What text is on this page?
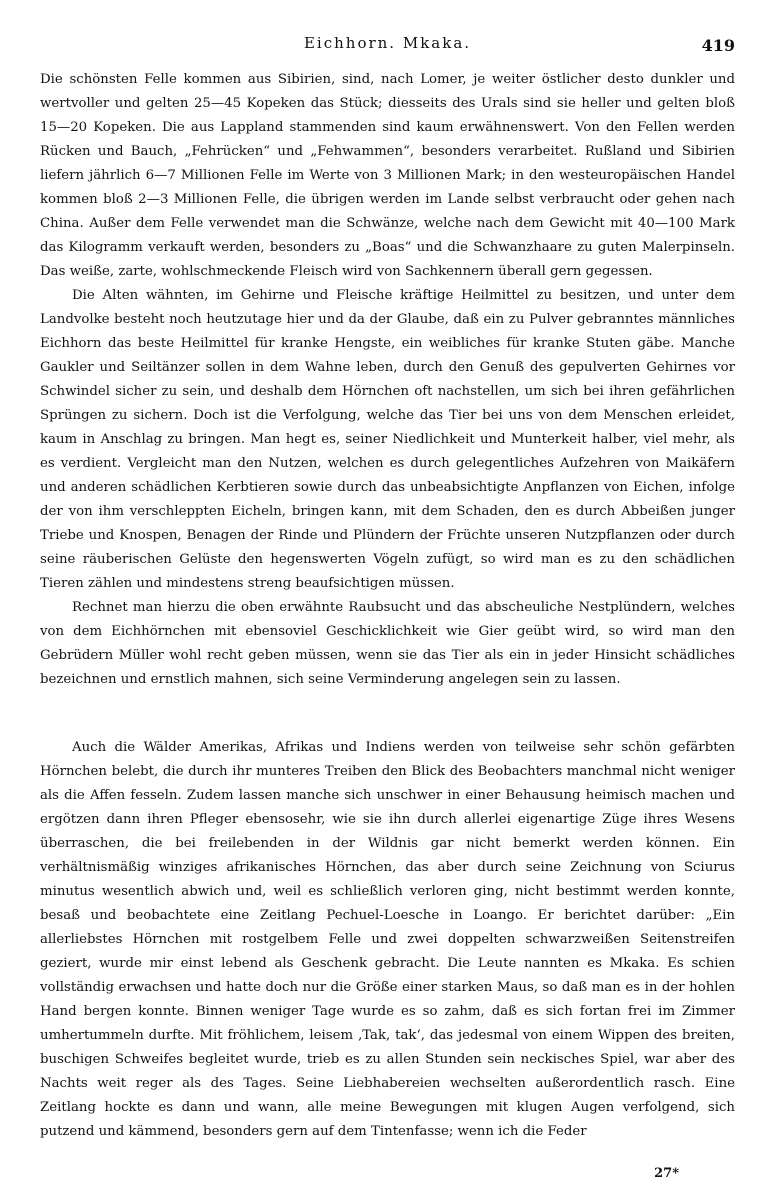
Eichhorn. Mkaka.	419

Die schönsten Felle kommen aus Sibirien, sind, nach Lomer, je weiter östlicher desto dunkler und wertvoller und gelten 25—45 Kopeken das Stück; diesseits des Urals sind sie heller und gelten bloß 15—20 Kopeken. Die aus Lappland stammenden sind kaum erwähnenswert. Von den Fellen werden Rücken und Bauch, „Fehrücken“ und „Fehwammen“, besonders verarbeitet. Rußland und Sibirien liefern jährlich 6—7 Millionen Felle im Werte von 3 Millionen Mark; in den westeuropäischen Handel kommen bloß 2—3 Millionen Felle, die übrigen werden im Lande selbst verbraucht oder gehen nach China. Außer dem Felle verwendet man die Schwänze, welche nach dem Gewicht mit 40—100 Mark das Kilogramm verkauft werden, besonders zu „Boas“ und die Schwanzhaare zu guten Malerpinseln. Das weiße, zarte, wohlschmeckende Fleisch wird von Sachkennern überall gern gegessen.

Die Alten wähnten, im Gehirne und Fleische kräftige Heilmittel zu besitzen, und unter dem Landvolke besteht noch heutzutage hier und da der Glaube, daß ein zu Pulver gebranntes männliches Eichhorn das beste Heilmittel für kranke Hengste, ein weibliches für kranke Stuten gäbe. Manche Gaukler und Seiltänzer sollen in dem Wahne leben, durch den Genuß des gepulverten Gehirnes vor Schwindel sicher zu sein, und deshalb dem Hörnchen oft nachstellen, um sich bei ihren gefährlichen Sprüngen zu sichern. Doch ist die Verfolgung, welche das Tier bei uns von dem Menschen erleidet, kaum in Anschlag zu bringen. Man hegt es, seiner Niedlichkeit und Munterkeit halber, viel mehr, als es verdient. Vergleicht man den Nutzen, welchen es durch gelegentliches Aufzehren von Maikäfern und anderen schädlichen Kerbtieren sowie durch das unbeabsichtigte Anpflanzen von Eichen, infolge der von ihm verschleppten Eicheln, bringen kann, mit dem Schaden, den es durch Abbeißen junger Triebe und Knospen, Benagen der Rinde und Plündern der Früchte unseren Nutzpflanzen oder durch seine räuberischen Gelüste den hegenswerten Vögeln zufügt, so wird man es zu den schädlichen Tieren zählen und mindestens streng beaufsichtigen müssen.

Rechnet man hierzu die oben erwähnte Raubsucht und das abscheuliche Nestplündern, welches von dem Eichhörnchen mit ebensoviel Geschicklichkeit wie Gier geübt wird, so wird man den Gebrüdern Müller wohl recht geben müssen, wenn sie das Tier als ein in jeder Hinsicht schädliches bezeichnen und ernstlich mahnen, sich seine Verminderung angelegen sein zu lassen.

Auch die Wälder Amerikas, Afrikas und Indiens werden von teilweise sehr schön gefärbten Hörnchen belebt, die durch ihr munteres Treiben den Blick des Beobachters manchmal nicht weniger als die Affen fesseln. Zudem lassen manche sich unschwer in einer Behausung heimisch machen und ergötzen dann ihren Pfleger ebensosehr, wie sie ihn durch allerlei eigenartige Züge ihres Wesens überraschen, die bei freilebenden in der Wildnis gar nicht bemerkt werden können. Ein verhältnismäßig winziges afrikanisches Hörnchen, das aber durch seine Zeichnung von Sciurus minutus wesentlich abwich und, weil es schließlich verloren ging, nicht bestimmt werden konnte, besaß und beobachtete eine Zeitlang Pechuel-Loesche in Loango. Er berichtet darüber: „Ein allerliebstes Hörnchen mit rostgelbem Felle und zwei doppelten schwarzweißen Seitenstreifen geziert, wurde mir einst lebend als Geschenk gebracht. Die Leute nannten es Mkaka. Es schien vollständig erwachsen und hatte doch nur die Größe einer starken Maus, so daß man es in der hohlen Hand bergen konnte. Binnen weniger Tage wurde es so zahm, daß es sich fortan frei im Zimmer umhertummeln durfte. Mit fröhlichem, leisem ‚Tak, tak‘, das jedesmal von einem Wippen des breiten, buschigen Schweifes begleitet wurde, trieb es zu allen Stunden sein neckisches Spiel, war aber des Nachts weit reger als des Tages. Seine Liebhabereien wechselten außerordentlich rasch. Eine Zeitlang hockte es dann und wann, alle meine Bewegungen mit klugen Augen verfolgend, sich putzend und kämmend, besonders gern auf dem Tintenfasse; wenn ich die Feder

27*
